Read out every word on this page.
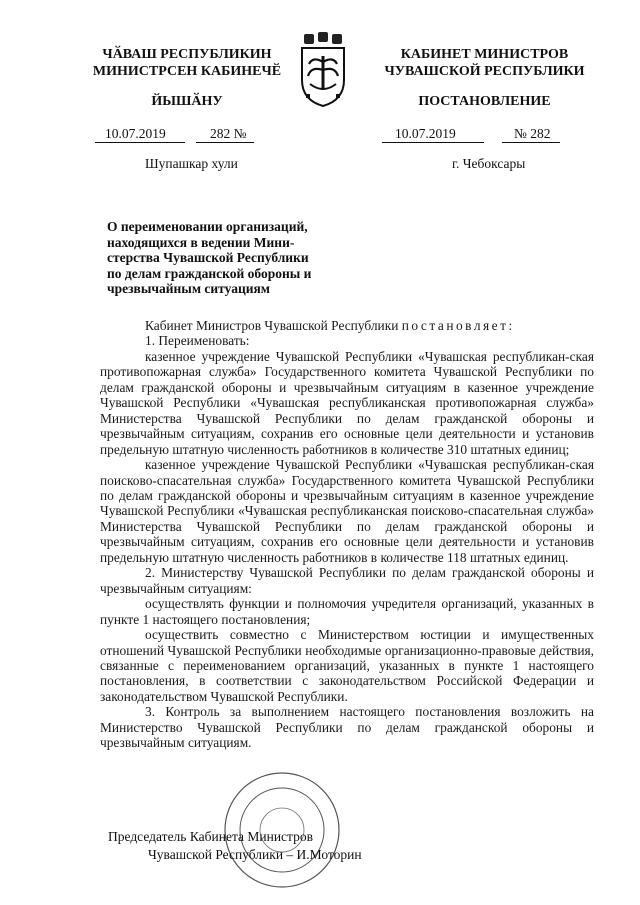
ЧӐВАШ РЕСПУБЛИКИН
МИНИСТРСЕН КАБИНЕЧӖ
ЙЫШӐНУ
10.07.2019	282 №
Шупашкар хули
КАБИНЕТ МИНИСТРОВ
ЧУВАШСКОЙ РЕСПУБЛИКИ
ПОСТАНОВЛЕНИЕ
10.07.2019	№ 282
г. Чебоксары
О переименовании организаций,
находящихся в ведении Мини-
стерства Чувашской Республики
по делам гражданской обороны и
чрезвычайным ситуациям

Кабинет Министров Чувашской Республики постановляет:

1. Переименовать:

казенное учреждение Чувашской Республики «Чувашская республикан-ская противопожарная служба» Государственного комитета Чувашской Республики по делам гражданской обороны и чрезвычайным ситуациям в казенное учреждение Чувашской Республики «Чувашская республиканская противопожарная служба» Министерства Чувашской Республики по делам гражданской обороны и чрезвычайным ситуациям, сохранив его основные цели деятельности и установив предельную штатную численность работников в количестве 310 штатных единиц;

казенное учреждение Чувашской Республики «Чувашская республикан-ская поисково-спасательная служба» Государственного комитета Чувашской Республики по делам гражданской обороны и чрезвычайным ситуациям в казенное учреждение Чувашской Республики «Чувашская республиканская поисково-спасательная служба» Министерства Чувашской Республики по делам гражданской обороны и чрезвычайным ситуациям, сохранив его основные цели деятельности и установив предельную штатную численность работников в количестве 118 штатных единиц.

2. Министерству Чувашской Республики по делам гражданской обороны и чрезвычайным ситуациям:

осуществлять функции и полномочия учредителя организаций, указанных в пункте 1 настоящего постановления;

осуществить совместно с Министерством юстиции и имущественных отношений Чувашской Республики необходимые организационно-правовые действия, связанные с переименованием организаций, указанных в пункте 1 настоящего постановления, в соответствии с законодательством Российской Федерации и законодательством Чувашской Республики.

3. Контроль за выполнением настоящего постановления возложить на Министерство Чувашской Республики по делам гражданской обороны и чрезвычайным ситуациям.

Председатель Кабинета Министров
Чувашской Республики – И.Моторин
